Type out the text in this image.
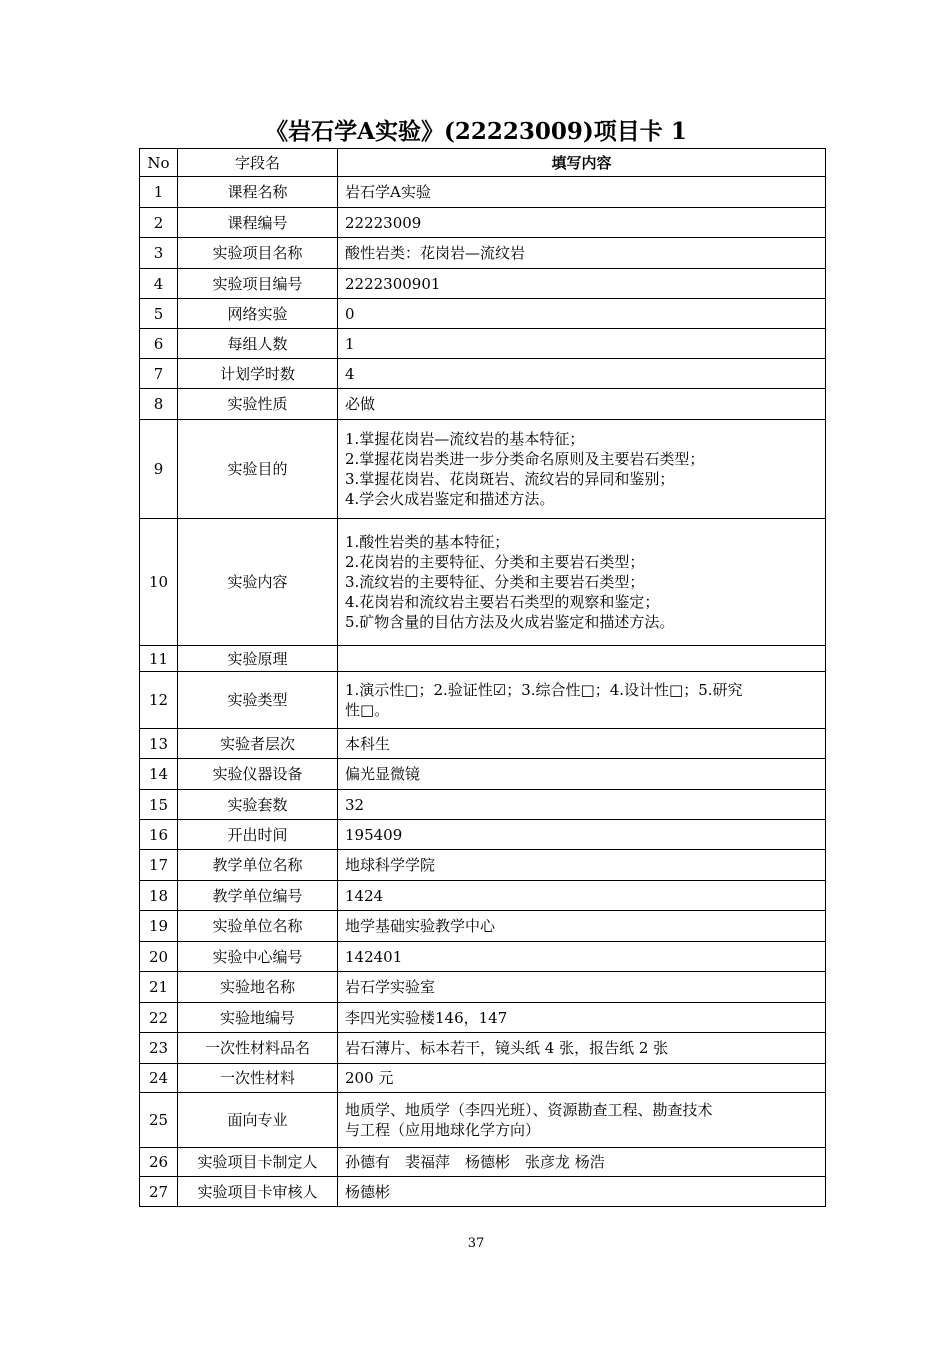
《岩石学A实验》(22223009)项目卡 1
No	字段名	填写内容
1	课程名称	岩石学A实验

2	课程编号	22223009

3	实验项目名称	酸性岩类：花岗岩—流纹岩

4	实验项目编号	2222300901

5	网络实验	0

6	每组人数	1

7	计划学时数	4

8	实验性质	必做

9	实验目的	1.掌握花岗岩—流纹岩的基本特征；
2.掌握花岗岩类进一步分类命名原则及主要岩石类型；
3.掌握花岗岩、花岗斑岩、流纹岩的异同和鉴别；
4.学会火成岩鉴定和描述方法。

10	实验内容	1.酸性岩类的基本特征；
2.花岗岩的主要特征、分类和主要岩石类型；
3.流纹岩的主要特征、分类和主要岩石类型；
4.花岗岩和流纹岩主要岩石类型的观察和鉴定；
5.矿物含量的目估方法及火成岩鉴定和描述方法。

11	实验原理	

12	实验类型	1.演示性□；2.验证性☑；3.综合性□；4.设计性□；5.研究
性□。

13	实验者层次	本科生

14	实验仪器设备	偏光显微镜

15	实验套数	32

16	开出时间	195409

17	教学单位名称	地球科学学院

18	教学单位编号	1424

19	实验单位名称	地学基础实验教学中心

20	实验中心编号	142401

21	实验地名称	岩石学实验室

22	实验地编号	李四光实验楼146，147

23	一次性材料品名	岩石薄片、标本若干，镜头纸 4 张，报告纸 2 张

24	一次性材料	200 元

25	面向专业	地质学、地质学（李四光班）、资源勘查工程、勘查技术
与工程（应用地球化学方向）

26	实验项目卡制定人	孙德有　裴福萍　杨德彬　张彦龙 杨浩

27	实验项目卡审核人	杨德彬
37
